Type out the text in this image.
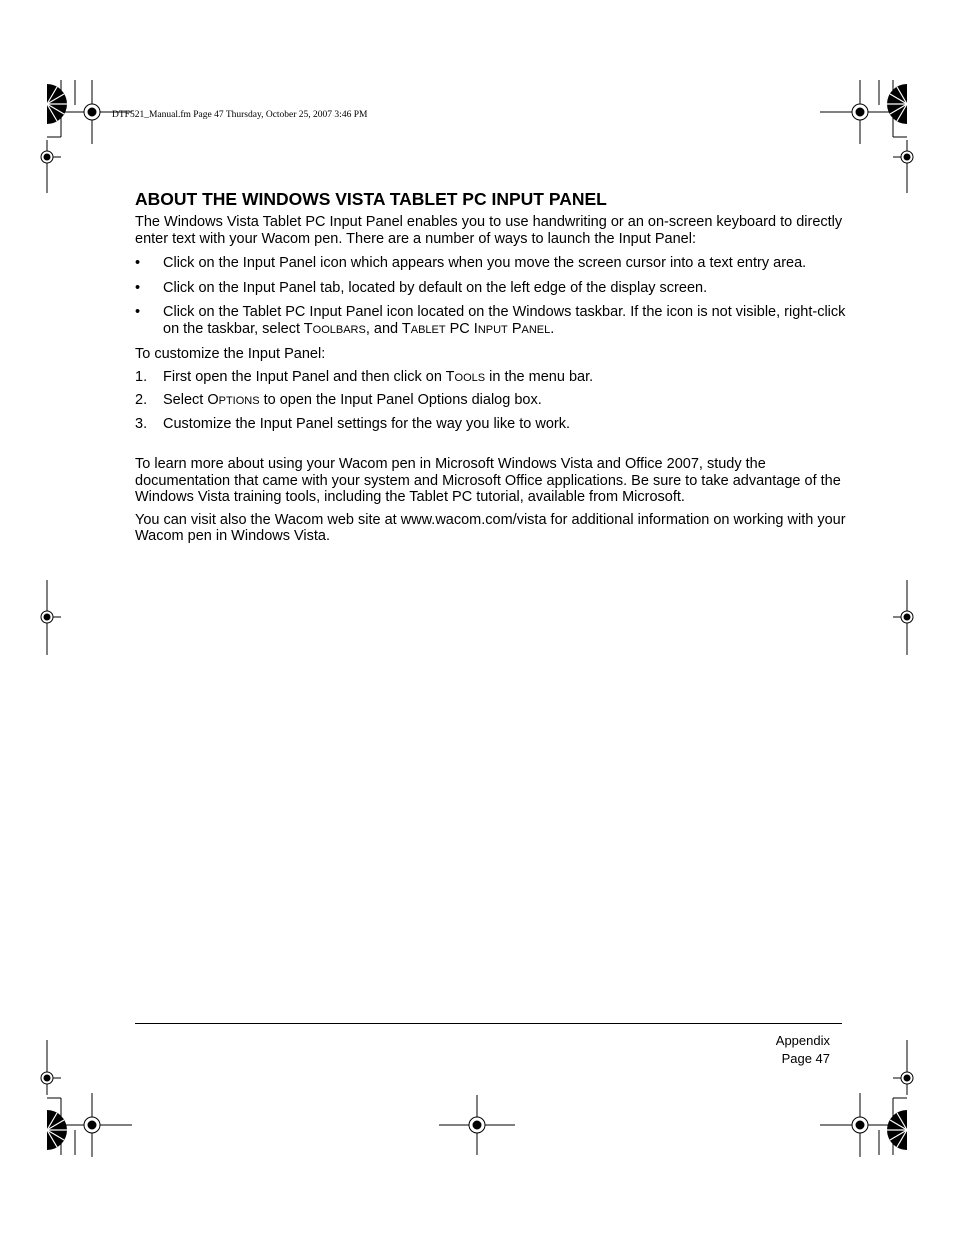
DTF521_Manual.fm Page 47 Thursday, October 25, 2007 3:46 PM
ABOUT THE WINDOWS VISTA TABLET PC INPUT PANEL

The Windows Vista Tablet PC Input Panel enables you to use handwriting or an on-screen keyboard to directly enter text with your Wacom pen. There are a number of ways to launch the Input Panel:

• Click on the Input Panel icon which appears when you move the screen cursor into a text entry area.
• Click on the Input Panel tab, located by default on the left edge of the display screen.
• Click on the Tablet PC Input Panel icon located on the Windows taskbar. If the icon is not visible, right-click on the taskbar, select TOOLBARS, and TABLET PC INPUT PANEL.

To customize the Input Panel:

1. First open the Input Panel and then click on TOOLS in the menu bar.
2. Select OPTIONS to open the Input Panel Options dialog box.
3. Customize the Input Panel settings for the way you like to work.

To learn more about using your Wacom pen in Microsoft Windows Vista and Office 2007, study the documentation that came with your system and Microsoft Office applications. Be sure to take advantage of the Windows Vista training tools, including the Tablet PC tutorial, available from Microsoft.

You can visit also the Wacom web site at www.wacom.com/vista for additional information on working with your Wacom pen in Windows Vista.

Appendix
Page 47
